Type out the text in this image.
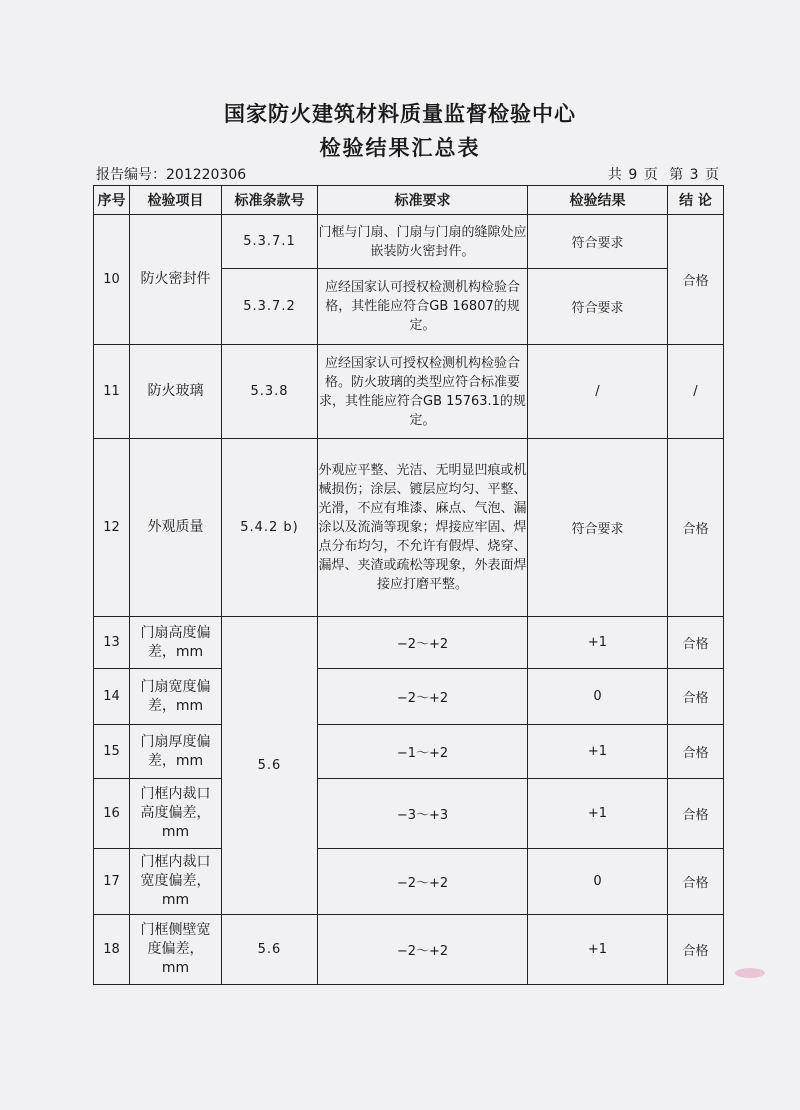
国家防火建筑材料质量监督检验中心
检验结果汇总表
报告编号：201220306	共 9 页 第 3 页
序号	检验项目	标准条款号	标准要求	检验结果	结 论
10	防火密封件	5.3.7.1	门框与门扇、门扇与门扇的缝隙处应嵌装防火密封件。	符合要求	合格
		5.3.7.2	应经国家认可授权检测机构检验合格，其性能应符合GB 16807的规定。	符合要求	
11	防火玻璃	5.3.8	应经国家认可授权检测机构检验合格。防火玻璃的类型应符合标准要求，其性能应符合GB 15763.1的规定。	/	/
12	外观质量	5.4.2 b)	外观应平整、光洁、无明显凹痕或机械损伤；涂层、镀层应均匀、平整、光滑，不应有堆漆、麻点、气泡、漏涂以及流淌等现象；焊接应牢固、焊点分布均匀，不允许有假焊、烧穿、漏焊、夹渣或疏松等现象，外表面焊接应打磨平整。	符合要求	合格
13	门扇高度偏差，mm	5.6	−2～+2	+1	合格
14	门扇宽度偏差，mm		−2～+2	0	合格
15	门扇厚度偏差，mm		−1～+2	+1	合格
16	门框内裁口高度偏差，mm		−3～+3	+1	合格
17	门框内裁口宽度偏差，mm		−2～+2	0	合格
18	门框侧壁宽度偏差，mm	5.6	−2～+2	+1	合格
